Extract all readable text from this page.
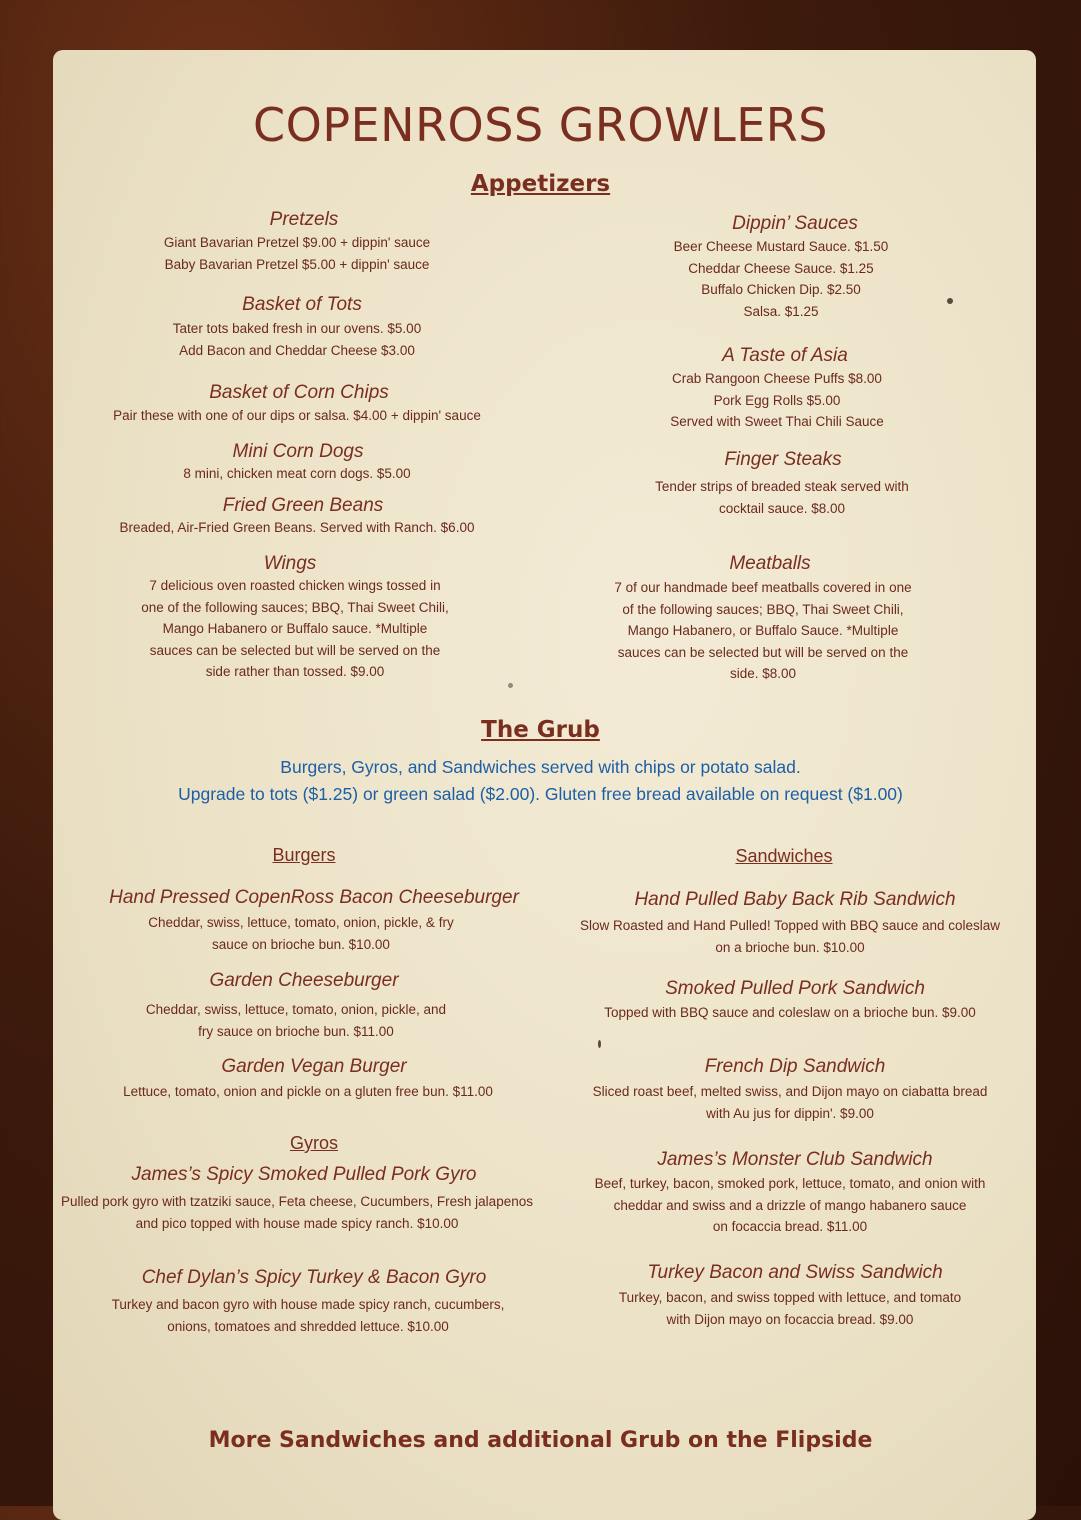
COPENROSS GROWLERS
Appetizers
Pretzels
Giant Bavarian Pretzel $9.00 + dippin' sauce
Baby Bavarian Pretzel $5.00 + dippin' sauce
Basket of Tots
Tater tots baked fresh in our ovens. $5.00
Add Bacon and Cheddar Cheese $3.00
Basket of Corn Chips
Pair these with one of our dips or salsa. $4.00 + dippin' sauce
Mini Corn Dogs
8 mini, chicken meat corn dogs. $5.00
Fried Green Beans
Breaded, Air-Fried Green Beans. Served with Ranch. $6.00
Wings
7 delicious oven roasted chicken wings tossed in
one of the following sauces; BBQ, Thai Sweet Chili,
Mango Habanero or Buffalo sauce. *Multiple
sauces can be selected but will be served on the
side rather than tossed. $9.00
Dippin’ Sauces
Beer Cheese Mustard Sauce. $1.50
Cheddar Cheese Sauce. $1.25
Buffalo Chicken Dip. $2.50
Salsa. $1.25
A Taste of Asia
Crab Rangoon Cheese Puffs $8.00
Pork Egg Rolls $5.00
Served with Sweet Thai Chili Sauce
Finger Steaks
Tender strips of breaded steak served with
cocktail sauce. $8.00
Meatballs
7 of our handmade beef meatballs covered in one
of the following sauces; BBQ, Thai Sweet Chili,
Mango Habanero, or Buffalo Sauce. *Multiple
sauces can be selected but will be served on the
side. $8.00
The Grub
Burgers, Gyros, and Sandwiches served with chips or potato salad.
Upgrade to tots ($1.25) or green salad ($2.00). Gluten free bread available on request ($1.00)
Burgers
Hand Pressed CopenRoss Bacon Cheeseburger
Cheddar, swiss, lettuce, tomato, onion, pickle, & fry
sauce on brioche bun. $10.00
Garden Cheeseburger
Cheddar, swiss, lettuce, tomato, onion, pickle, and
fry sauce on brioche bun. $11.00
Garden Vegan Burger
Lettuce, tomato, onion and pickle on a gluten free bun. $11.00
Gyros
James’s Spicy Smoked Pulled Pork Gyro
Pulled pork gyro with tzatziki sauce, Feta cheese, Cucumbers, Fresh jalapenos
and pico topped with house made spicy ranch. $10.00
Chef Dylan’s Spicy Turkey & Bacon Gyro
Turkey and bacon gyro with house made spicy ranch, cucumbers,
onions, tomatoes and shredded lettuce. $10.00
Sandwiches
Hand Pulled Baby Back Rib Sandwich
Slow Roasted and Hand Pulled! Topped with BBQ sauce and coleslaw
on a brioche bun. $10.00
Smoked Pulled Pork Sandwich
Topped with BBQ sauce and coleslaw on a brioche bun. $9.00
French Dip Sandwich
Sliced roast beef, melted swiss, and Dijon mayo on ciabatta bread
with Au jus for dippin'. $9.00
James’s Monster Club Sandwich
Beef, turkey, bacon, smoked pork, lettuce, tomato, and onion with
cheddar and swiss and a drizzle of mango habanero sauce
on focaccia bread. $11.00
Turkey Bacon and Swiss Sandwich
Turkey, bacon, and swiss topped with lettuce, and tomato
with Dijon mayo on focaccia bread. $9.00
More Sandwiches and additional Grub on the Flipside
